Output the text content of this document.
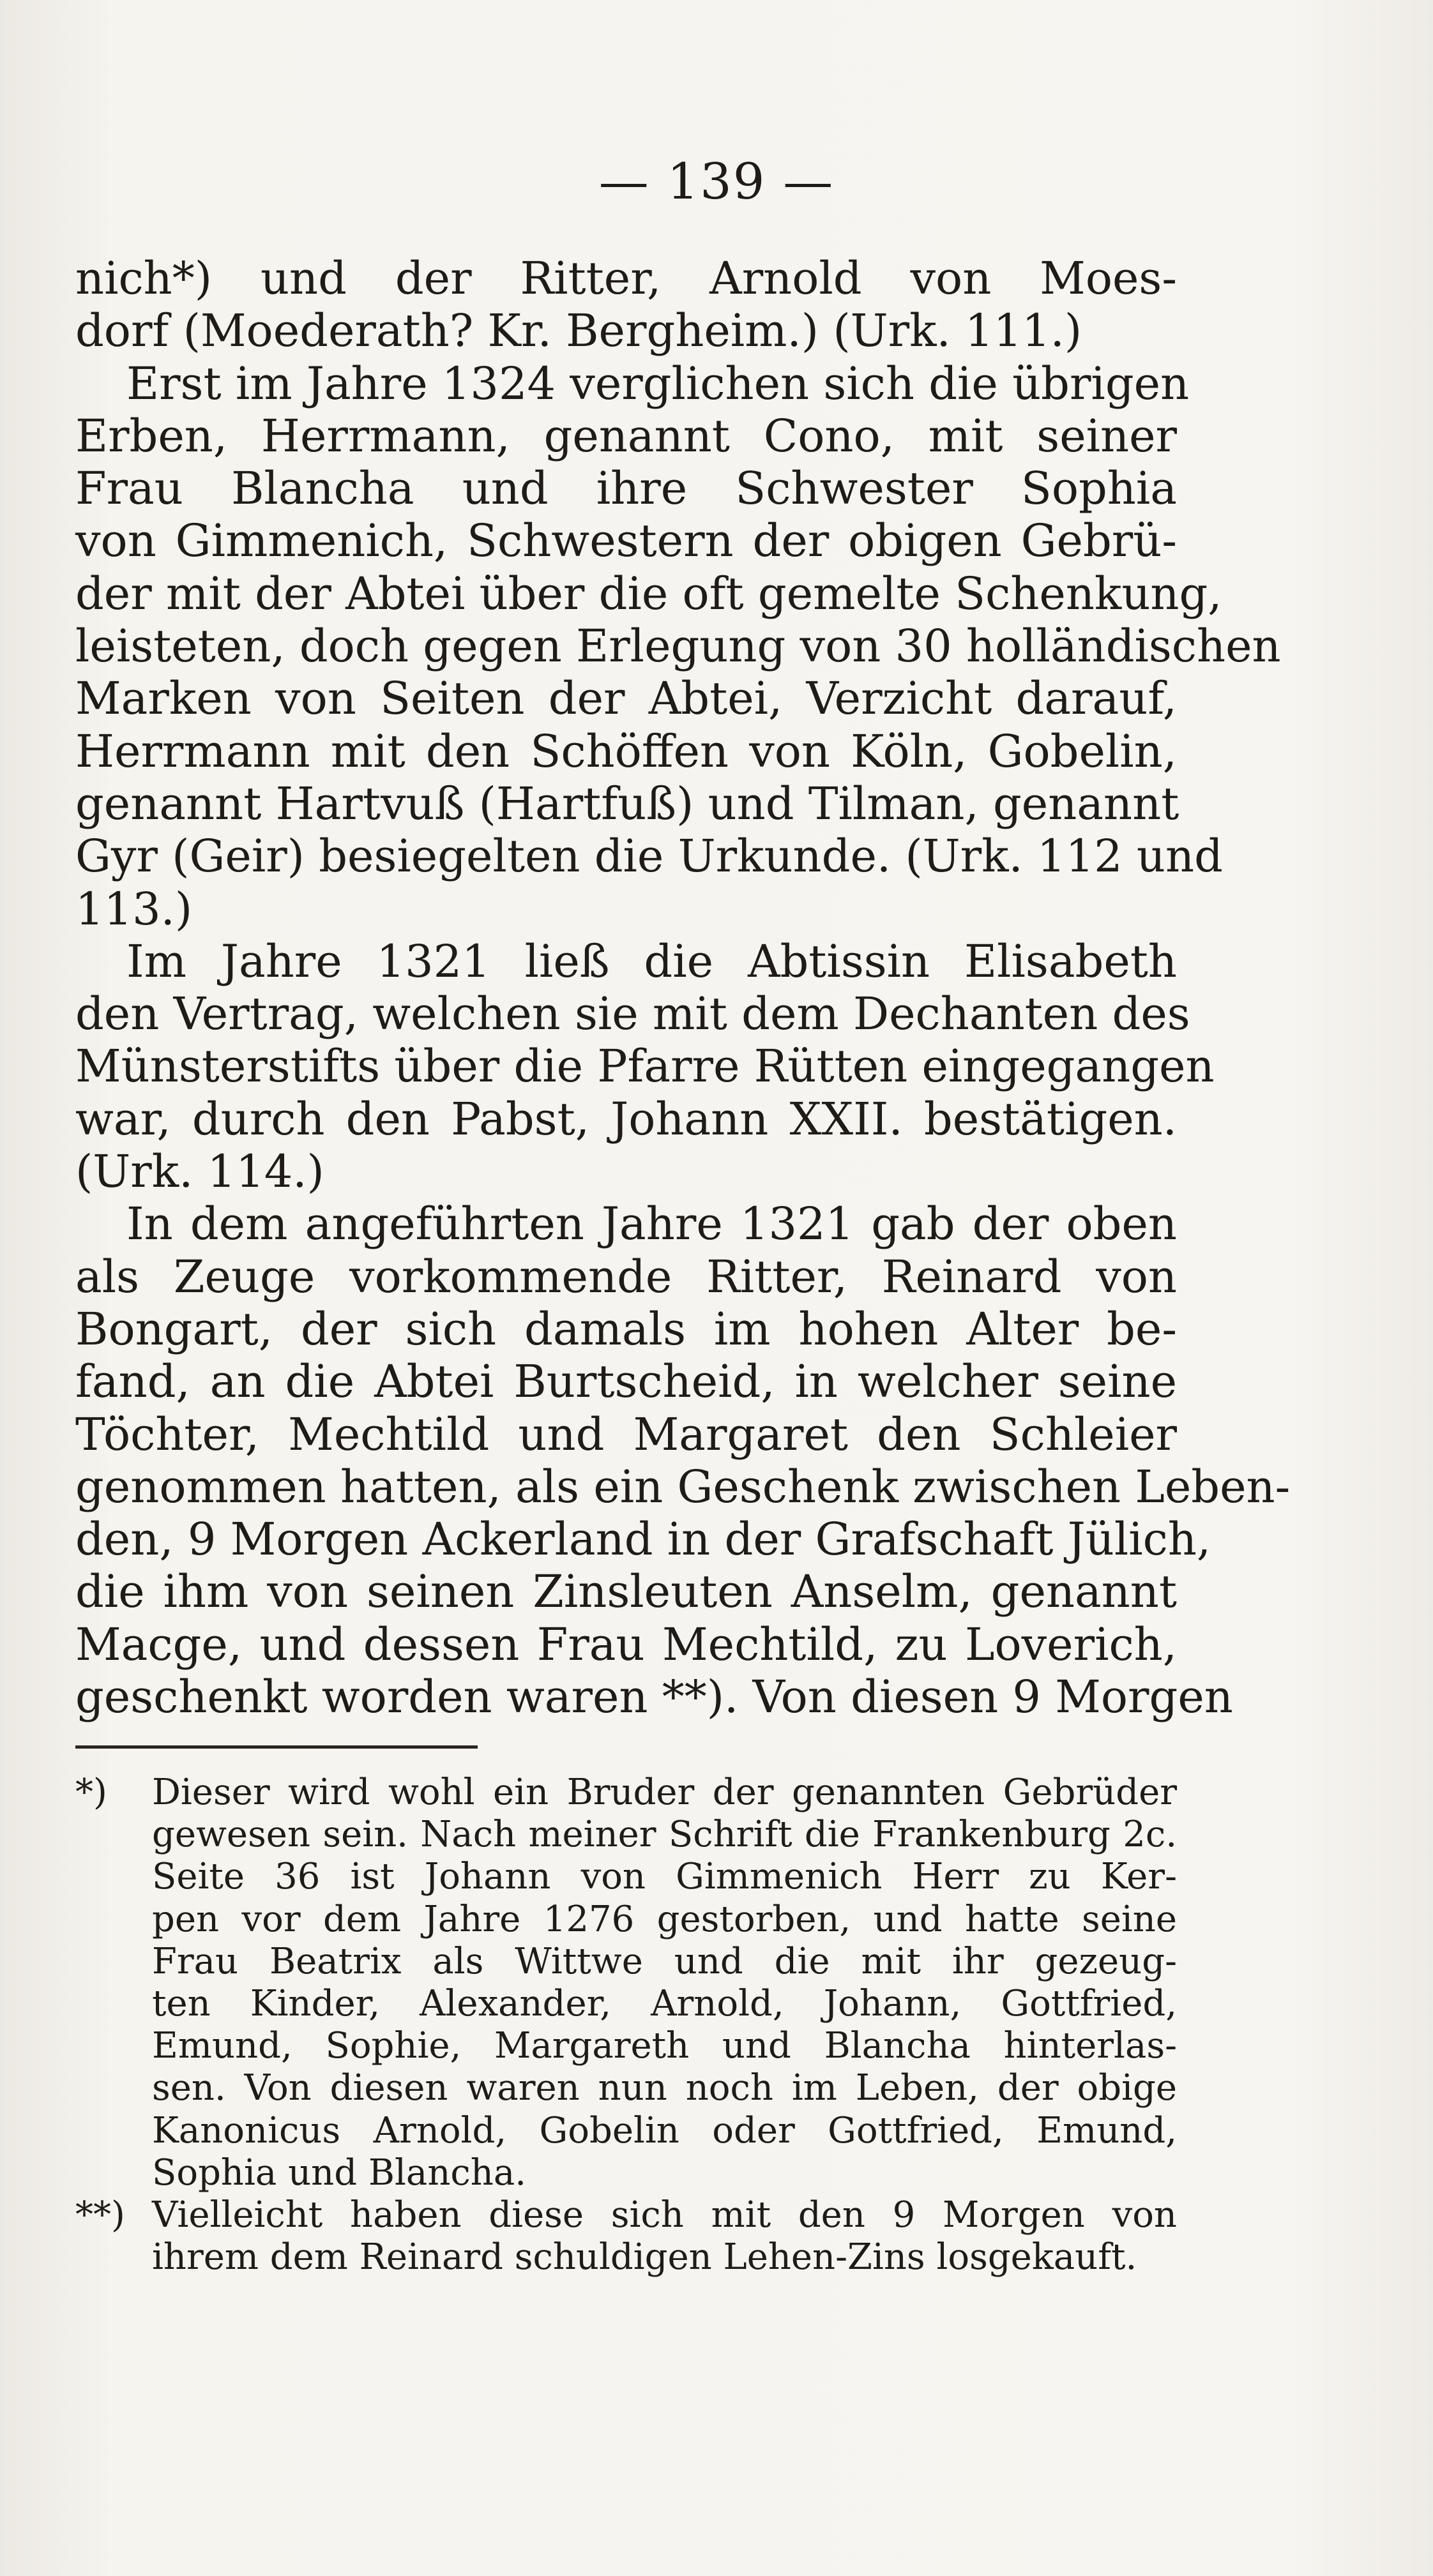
— 139 —
nich*) und der Ritter, Arnold von Moes-
dorf (Moederath? Kr. Bergheim.) (Urk. 111.)
Erst im Jahre 1324 verglichen sich die übrigen
Erben, Herrmann, genannt Cono, mit seiner
Frau Blancha und ihre Schwester Sophia
von Gimmenich, Schwestern der obigen Gebrü-
der mit der Abtei über die oft gemelte Schenkung,
leisteten, doch gegen Erlegung von 30 holländischen
Marken von Seiten der Abtei, Verzicht darauf,
Herrmann mit den Schöffen von Köln, Gobelin,
genannt Hartvuß (Hartfuß) und Tilman, genannt
Gyr (Geir) besiegelten die Urkunde. (Urk. 112 und
113.)
Im Jahre 1321 ließ die Abtissin Elisabeth
den Vertrag, welchen sie mit dem Dechanten des
Münsterstifts über die Pfarre Rütten eingegangen
war, durch den Pabst, Johann XXII. bestätigen.
(Urk. 114.)
In dem angeführten Jahre 1321 gab der oben
als Zeuge vorkommende Ritter, Reinard von
Bongart, der sich damals im hohen Alter be-
fand, an die Abtei Burtscheid, in welcher seine
Töchter, Mechtild und Margaret den Schleier
genommen hatten, als ein Geschenk zwischen Leben-
den, 9 Morgen Ackerland in der Grafschaft Jülich,
die ihm von seinen Zinsleuten Anselm, genannt
Macge, und dessen Frau Mechtild, zu Loverich,
geschenkt worden waren **). Von diesen 9 Morgen
*) Dieser wird wohl ein Bruder der genannten Gebrüder
gewesen sein. Nach meiner Schrift die Frankenburg 2c.
Seite 36 ist Johann von Gimmenich Herr zu Ker-
pen vor dem Jahre 1276 gestorben, und hatte seine
Frau Beatrix als Wittwe und die mit ihr gezeug-
ten Kinder, Alexander, Arnold, Johann, Gottfried,
Emund, Sophie, Margareth und Blancha hinterlas-
sen. Von diesen waren nun noch im Leben, der obige
Kanonicus Arnold, Gobelin oder Gottfried, Emund,
Sophia und Blancha.
**) Vielleicht haben diese sich mit den 9 Morgen von
ihrem dem Reinard schuldigen Lehen-Zins losgekauft.
